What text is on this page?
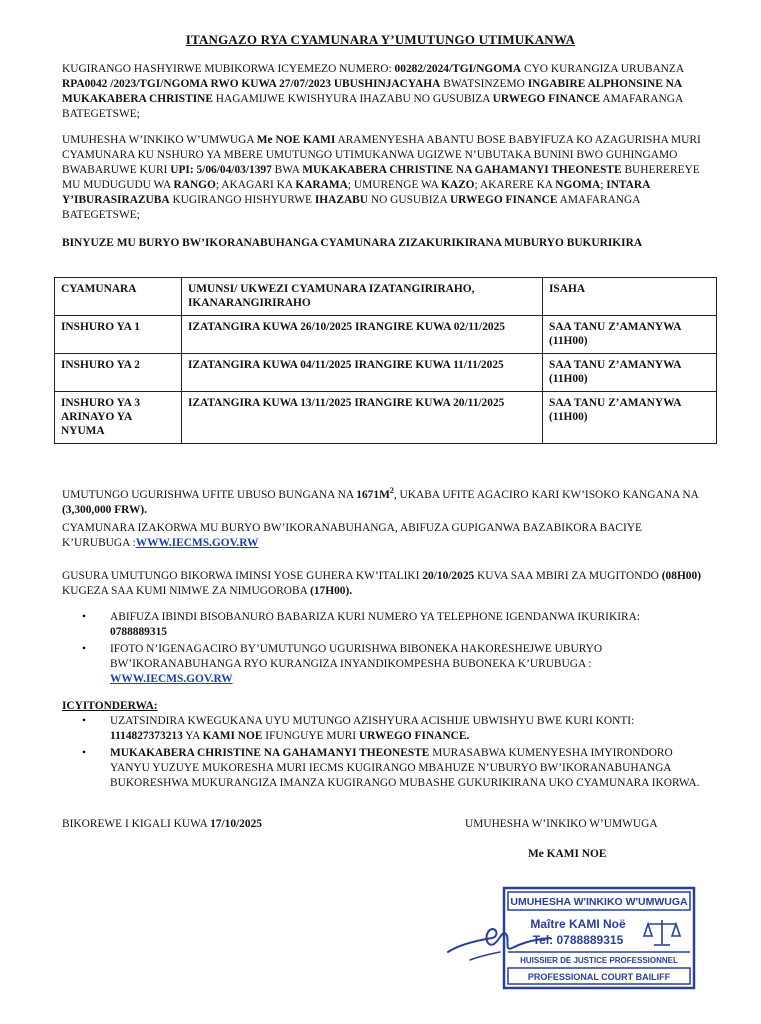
ITANGAZO RYA CYAMUNARA Y’UMUTUNGO UTIMUKANWA

KUGIRANGO HASHYIRWE MUBIKORWA ICYEMEZO NUMERO: 00282/2024/TGI/NGOMA CYO KURANGIZA URUBANZA RPA0042 /2023/TGI/NGOMA RWO KUWA 27/07/2023 UBUSHINJACYAHA BWATSINZEMO INGABIRE ALPHONSINE NA MUKAKABERA CHRISTINE HAGAMIJWE KWISHYURA IHAZABU NO GUSUBIZA URWEGO FINANCE AMAFARANGA BATEGETSWE;

UMUHESHA W’INKIKO W’UMWUGA Me NOE KAMI ARAMENYESHA ABANTU BOSE BABYIFUZA KO AZAGURISHA MURI CYAMUNARA KU NSHURO YA MBERE UMUTUNGO UTIMUKANWA UGIZWE N’UBUTAKA BUNINI BWO GUHINGAMO BWABARUWE KURI UPI: 5/06/04/03/1397 BWA MUKAKABERA CHRISTINE NA GAHAMANYI THEONESTE BUHEREREYE MU MUDUGUDU WA RANGO; AKAGARI KA KARAMA; UMURENGE WA KAZO; AKARERE KA NGOMA; INTARA Y’IBURASIRAZUBA KUGIRANGO HISHYURWE IHAZABU NO GUSUBIZA URWEGO FINANCE AMAFARANGA BATEGETSWE;

BINYUZE MU BURYO BW’IKORANABUHANGA CYAMUNARA ZIZAKURIKIRANA MUBURYO BUKURIKIRA

CYAMUNARA	UMUNSI/ UKWEZI CYAMUNARA IZATANGIRIRAHO, IKANARANGIRIRAHO	ISAHA
INSHURO YA 1	IZATANGIRA KUWA 26/10/2025 IRANGIRE KUWA 02/11/2025	SAA TANU Z’AMANYWA (11H00)
INSHURO YA 2	IZATANGIRA KUWA 04/11/2025 IRANGIRE KUWA 11/11/2025	SAA TANU Z’AMANYWA (11H00)
INSHURO YA 3 ARINAYO YA NYUMA	IZATANGIRA KUWA 13/11/2025 IRANGIRE KUWA 20/11/2025	SAA TANU Z’AMANYWA (11H00)

UMUTUNGO UGURISHWA UFITE UBUSO BUNGANA NA $1671M^2$, UKABA UFITE AGACIRO KARI KW’ISOKO KANGANA NA
(3,300,000 FRW).

CYAMUNARA IZAKORWA MU BURYO BW’IKORANABUHANGA, ABIFUZA GUPIGANWA BAZABIKORA BACIYE K’URUBUGA :WWW.IECMS.GOV.RW

GUSURA UMUTUNGO BIKORWA IMINSI YOSE GUHERA KW’ITALIKI 20/10/2025 KUVA SAA MBIRI ZA MUGITONDO (08H00) KUGEZA SAA KUMI NIMWE ZA NIMUGOROBA (17H00).

• ABIFUZA IBINDI BISOBANURO BABARIZA KURI NUMERO YA TELEPHONE IGENDANWA IKURIKIRA: 0788889315
• IFOTO N’IGENAGACIRO BY’UMUTUNGO UGURISHWA BIBONEKA HAKORESHEJWE UBURYO BW’IKORANABUHANGA RYO KURANGIZA INYANDIKOMPESHA BUBONEKA K’URUBUGA : WWW.IECMS.GOV.RW
ICYITONDERWA:
• UZATSINDIRA KWEGUKANA UYU MUTUNGO AZISHYURA ACISHIJE UBWISHYU BWE KURI KONTI: 1114827373213 YA KAMI NOE IFUNGUYE MURI URWEGO FINANCE.
• MUKAKABERA CHRISTINE NA GAHAMANYI THEONESTE MURASABWA KUMENYESHA IMYIRONDORO YANYU YUZUYE MUKORESHA MURI IECMS KUGIRANGO MBAHUZE N’UBURYO BW’IKORANABUHANGA BUKORESHWA MUKURANGIZA IMANZA KUGIRANGO MUBASHE GUKURIKIRANA UKO CYAMUNARA IKORWA.
BIKOREWE I KIGALI KUWA 17/10/2025	UMUHESHA W’INKIKO W’UMWUGA
Me KAMI NOE
UMUHESHA W'INKIKO W'UMWUGA
Maître KAMI Noë
Tel: 0788889315
HUISSIER DE JUSTICE PROFESSIONNEL
PROFESSIONAL COURT BAILIFF
